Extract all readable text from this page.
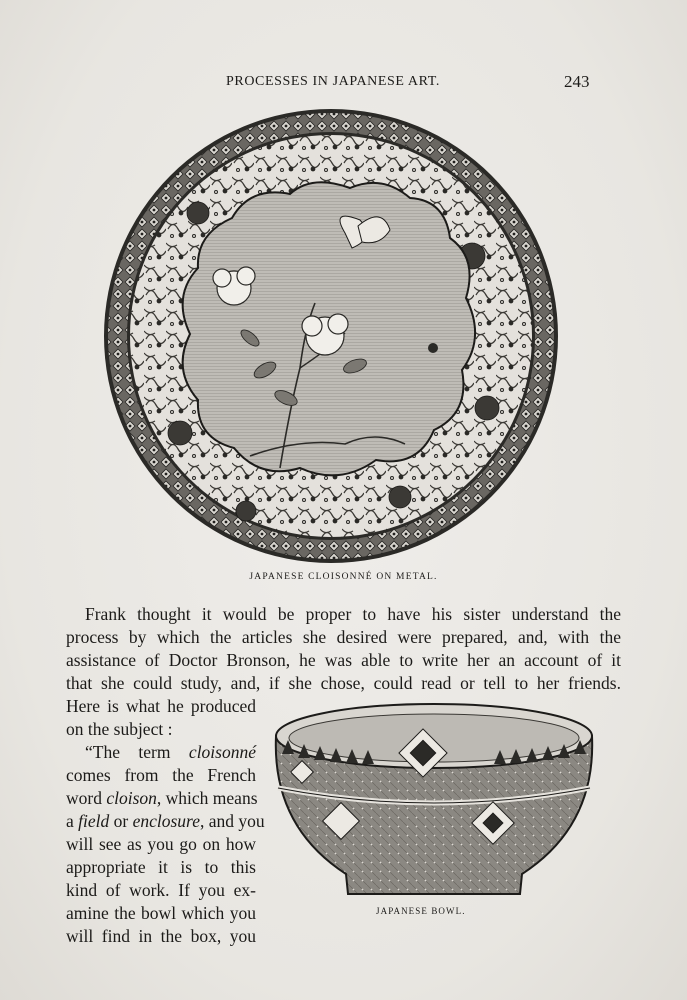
PROCESSES IN JAPANESE ART.	243
JAPANESE CLOISONNÉ ON METAL.
Frank thought it would be proper to have his sister understand the
process by which the articles she desired were prepared, and, with the
assistance of Doctor Bronson, he was able to write her an account of it
that she could study, and, if she chose, could read or tell to her friends.
Here is what he produced
on the subject :
“The term cloisonné
comes from the French
word cloison, which means
a field or enclosure, and you
will see as you go on how
appropriate it is to this
kind of work. If you ex-
amine the bowl which you
will find in the box, you
JAPANESE BOWL.
